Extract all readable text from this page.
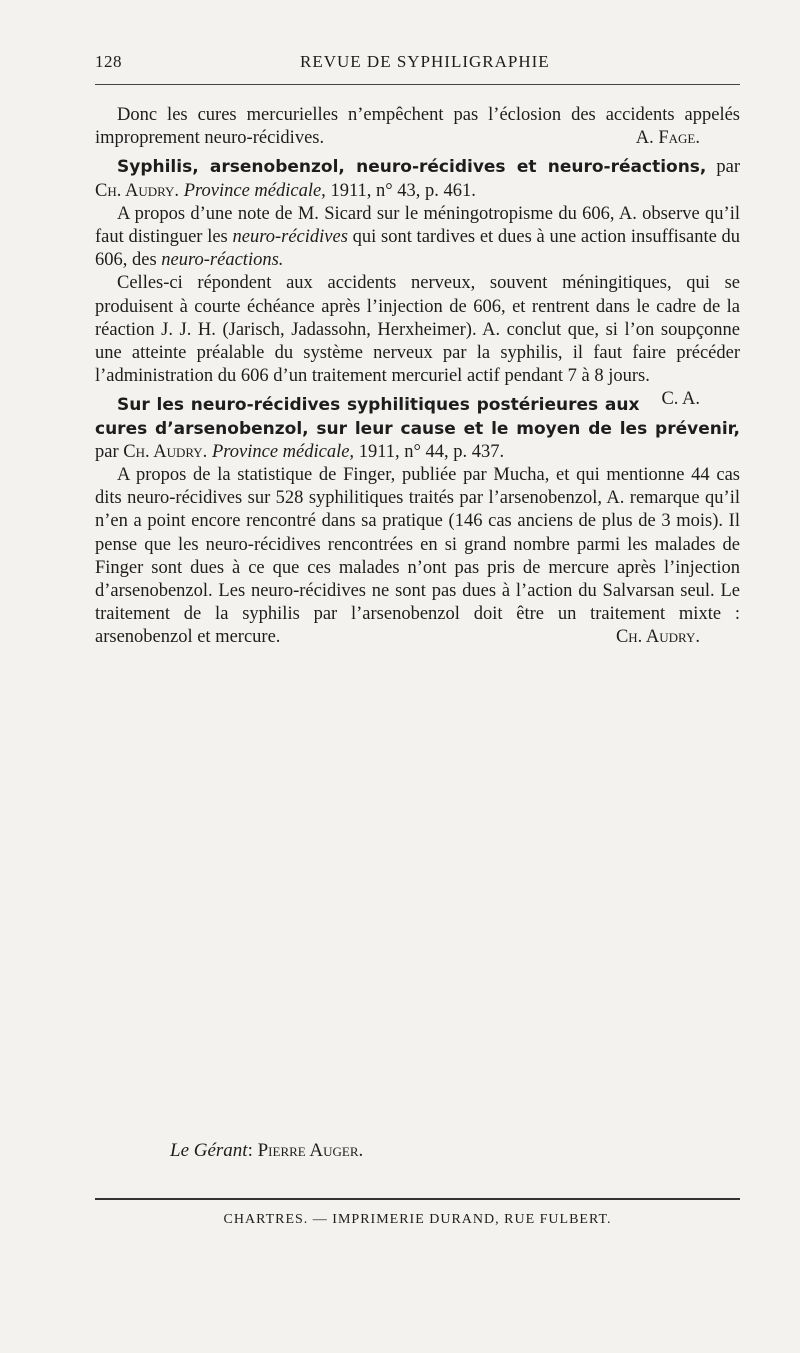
128	REVUE DE SYPHILIGRAPHIE

Donc les cures mercurielles n’empêchent pas l’éclosion des accidents appelés improprement neuro-récidives.	A. Fage.

Syphilis, arsenobenzol, neuro-récidives et neuro-réactions, par Ch. Audry. Province médicale, 1911, n° 43, p. 461.

A propos d’une note de M. Sicard sur le méningotropisme du 606, A. observe qu’il faut distinguer les neuro-récidives qui sont tardives et dues à une action insuffisante du 606, des neuro-réactions.

Celles-ci répondent aux accidents nerveux, souvent méningitiques, qui se produisent à courte échéance après l’injection de 606, et rentrent dans le cadre de la réaction J. J. H. (Jarisch, Jadassohn, Herxheimer). A. conclut que, si l’on soupçonne une atteinte préalable du système nerveux par la syphilis, il faut faire précéder l’administration du 606 d’un traitement mercuriel actif pendant 7 à 8 jours.
C. A.

Sur les neuro-récidives syphilitiques postérieures aux cures d’arsenobenzol, sur leur cause et le moyen de les prévenir, par Ch. Audry. Province médicale, 1911, n° 44, p. 437.

A propos de la statistique de Finger, publiée par Mucha, et qui mentionne 44 cas dits neuro-récidives sur 528 syphilitiques traités par l’arsenobenzol, A. remarque qu’il n’en a point encore rencontré dans sa pratique (146 cas anciens de plus de 3 mois). Il pense que les neuro-récidives rencontrées en si grand nombre parmi les malades de Finger sont dues à ce que ces malades n’ont pas pris de mercure après l’injection d’arsenobenzol. Les neuro-récidives ne sont pas dues à l’action du Salvarsan seul. Le traitement de la syphilis par l’arsenobenzol doit être un traitement mixte : arsenobenzol et mercure.	Ch. Audry.

Le Gérant: Pierre Auger.
CHARTRES. — IMPRIMERIE DURAND, RUE FULBERT.
